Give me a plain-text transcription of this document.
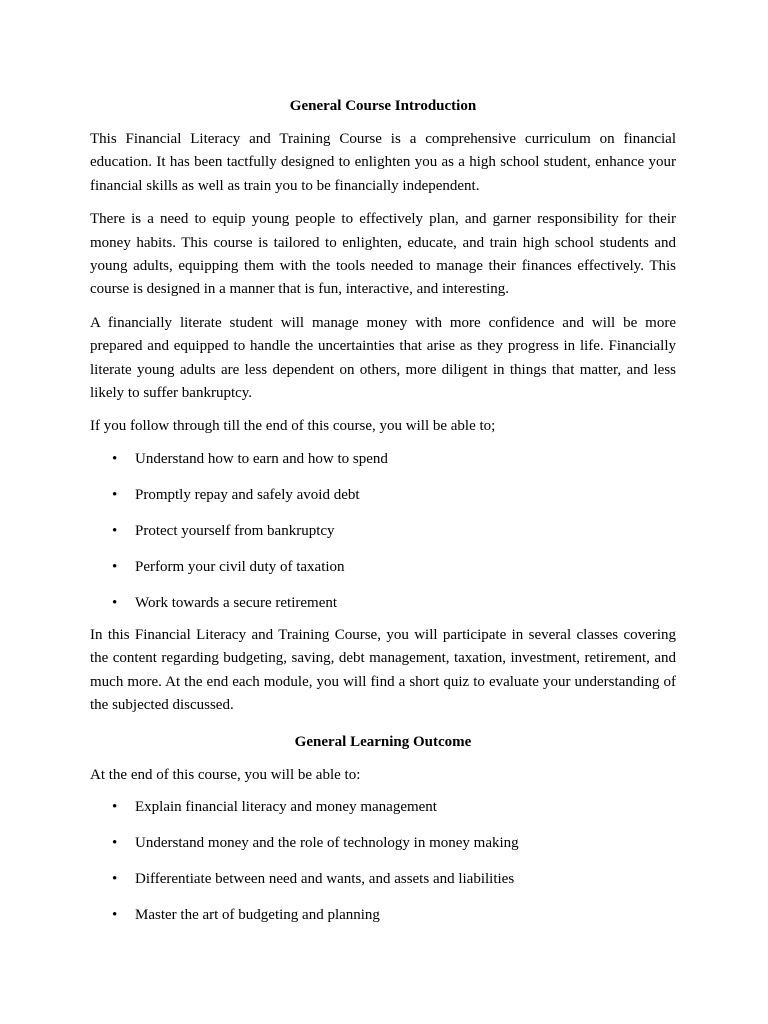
General Course Introduction

This Financial Literacy and Training Course is a comprehensive curriculum on financial education. It has been tactfully designed to enlighten you as a high school student, enhance your financial skills as well as train you to be financially independent.

There is a need to equip young people to effectively plan, and garner responsibility for their money habits. This course is tailored to enlighten, educate, and train high school students and young adults, equipping them with the tools needed to manage their finances effectively. This course is designed in a manner that is fun, interactive, and interesting.

A financially literate student will manage money with more confidence and will be more prepared and equipped to handle the uncertainties that arise as they progress in life. Financially literate young adults are less dependent on others, more diligent in things that matter, and less likely to suffer bankruptcy.

If you follow through till the end of this course, you will be able to;

• Understand how to earn and how to spend
• Promptly repay and safely avoid debt
• Protect yourself from bankruptcy
• Perform your civil duty of taxation
• Work towards a secure retirement

In this Financial Literacy and Training Course, you will participate in several classes covering the content regarding budgeting, saving, debt management, taxation, investment, retirement, and much more. At the end each module, you will find a short quiz to evaluate your understanding of the subjected discussed.

General Learning Outcome

At the end of this course, you will be able to:

• Explain financial literacy and money management
• Understand money and the role of technology in money making
• Differentiate between need and wants, and assets and liabilities
• Master the art of budgeting and planning
